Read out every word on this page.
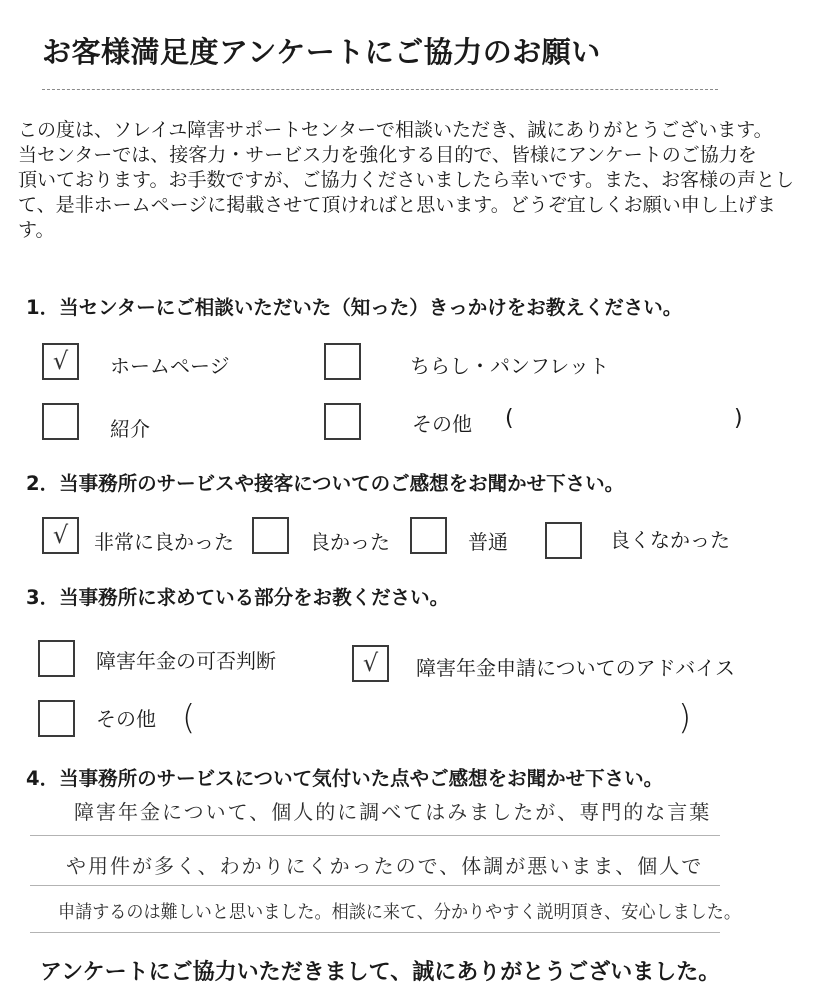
お客様満足度アンケートにご協力のお願い
この度は、ソレイユ障害サポートセンターで相談いただき、誠にありがとうございます。
当センターでは、接客力・サービス力を強化する目的で、皆様にアンケートのご協力を
頂いております。お手数ですが、ご協力くださいましたら幸いです。また、お客様の声とし
て、是非ホームページに掲載させて頂ければと思います。どうぞ宜しくお願い申し上げま
す。
1．当センターにご相談いただいた（知った）きっかけをお教えください。
√	ホームページ	ちらし・パンフレット
紹介	その他 (	)
2．当事務所のサービスや接客についてのご感想をお聞かせ下さい。
√	非常に良かった	良かった	普通	良くなかった
3．当事務所に求めている部分をお教ください。
障害年金の可否判断	√	障害年金申請についてのアドバイス
その他 (	)
4．当事務所のサービスについて気付いた点やご感想をお聞かせ下さい。
障害年金について、個人的に調べてはみましたが、専門的な言葉
や用件が多く、わかりにくかったので、体調が悪いまま、個人で
申請するのは難しいと思いました。相談に来て、分かりやすく説明頂き、安心しました。
アンケートにご協力いただきまして、誠にありがとうございました。
